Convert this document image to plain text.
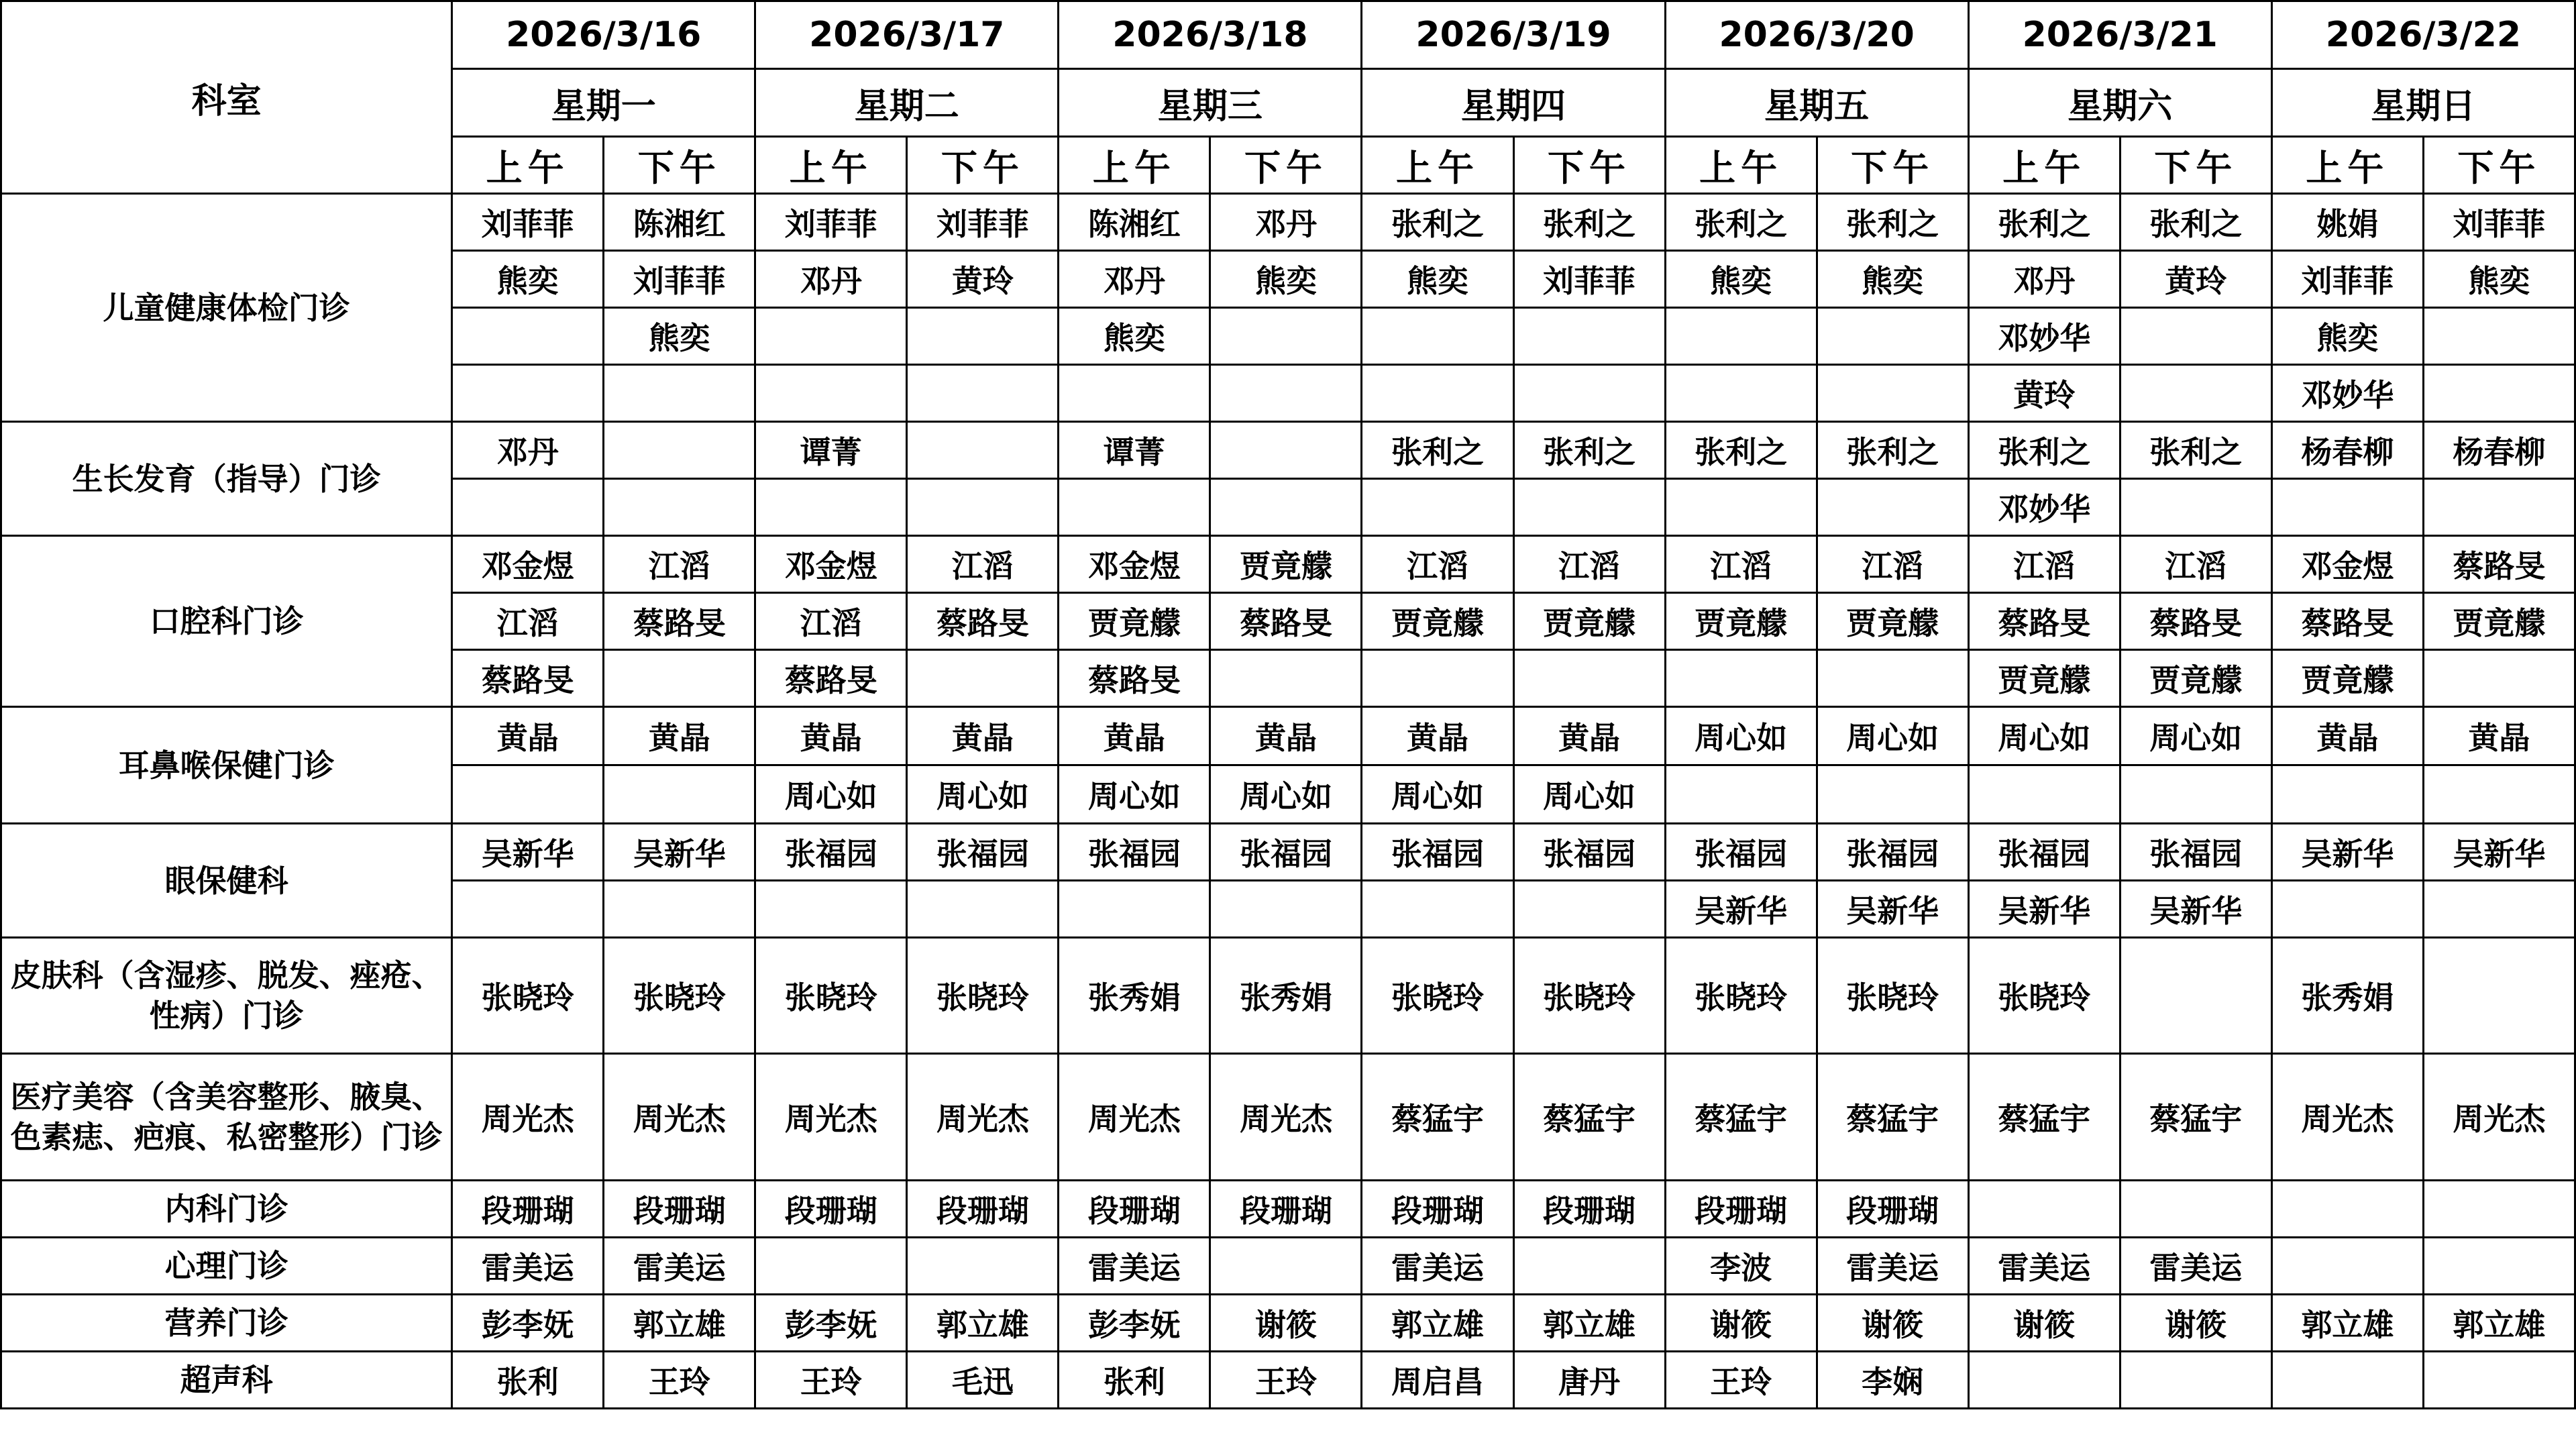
科室	2026/3/16		2026/3/17		2026/3/18		2026/3/19		2026/3/20		2026/3/21		2026/3/22	
	星期一		星期二		星期三		星期四		星期五		星期六		星期日	
	上午	下午	上午	下午	上午	下午	上午	下午	上午	下午	上午	下午	上午	下午
儿童健康体检门诊	刘菲菲	陈湘红	刘菲菲	刘菲菲	陈湘红	邓丹	张利之	张利之	张利之	张利之	张利之	张利之	姚娟	刘菲菲
	熊奕	刘菲菲	邓丹	黄玲	邓丹	熊奕	熊奕	刘菲菲	熊奕	熊奕	邓丹	黄玲	刘菲菲	熊奕
		熊奕			熊奕						邓妙华		熊奕	
											黄玲		邓妙华	
生长发育（指导）门诊	邓丹		谭菁		谭菁		张利之	张利之	张利之	张利之	张利之	张利之	杨春柳	杨春柳
											邓妙华			
口腔科门诊	邓金煜	江滔	邓金煜	江滔	邓金煜	贾竟艨	江滔	江滔	江滔	江滔	江滔	江滔	邓金煜	蔡路旻
	江滔	蔡路旻	江滔	蔡路旻	贾竟艨	蔡路旻	贾竟艨	贾竟艨	贾竟艨	贾竟艨	蔡路旻	蔡路旻	蔡路旻	贾竟艨
	蔡路旻		蔡路旻		蔡路旻						贾竟艨	贾竟艨	贾竟艨	
耳鼻喉保健门诊	黄晶	黄晶	黄晶	黄晶	黄晶	黄晶	黄晶	黄晶	周心如	周心如	周心如	周心如	黄晶	黄晶
			周心如	周心如	周心如	周心如	周心如	周心如						
眼保健科	吴新华	吴新华	张福园	张福园	张福园	张福园	张福园	张福园	张福园	张福园	张福园	张福园	吴新华	吴新华
									吴新华	吴新华	吴新华	吴新华		
皮肤科（含湿疹、脱发、痤疮、性病）门诊	张晓玲	张晓玲	张晓玲	张晓玲	张秀娟	张秀娟	张晓玲	张晓玲	张晓玲	张晓玲	张晓玲		张秀娟	
医疗美容（含美容整形、腋臭、色素痣、疤痕、私密整形）门诊	周光杰	周光杰	周光杰	周光杰	周光杰	周光杰	蔡猛宇	蔡猛宇	蔡猛宇	蔡猛宇	蔡猛宇	蔡猛宇	周光杰	周光杰
内科门诊	段珊瑚	段珊瑚	段珊瑚	段珊瑚	段珊瑚	段珊瑚	段珊瑚	段珊瑚	段珊瑚	段珊瑚				
心理门诊	雷美运	雷美运			雷美运		雷美运		李波	雷美运	雷美运	雷美运		
营养门诊	彭李妩	郭立雄	彭李妩	郭立雄	彭李妩	谢筱	郭立雄	郭立雄	谢筱	谢筱	谢筱	谢筱	郭立雄	郭立雄
超声科	张利	王玲	王玲	毛迅	张利	王玲	周启昌	唐丹	王玲	李娴				
